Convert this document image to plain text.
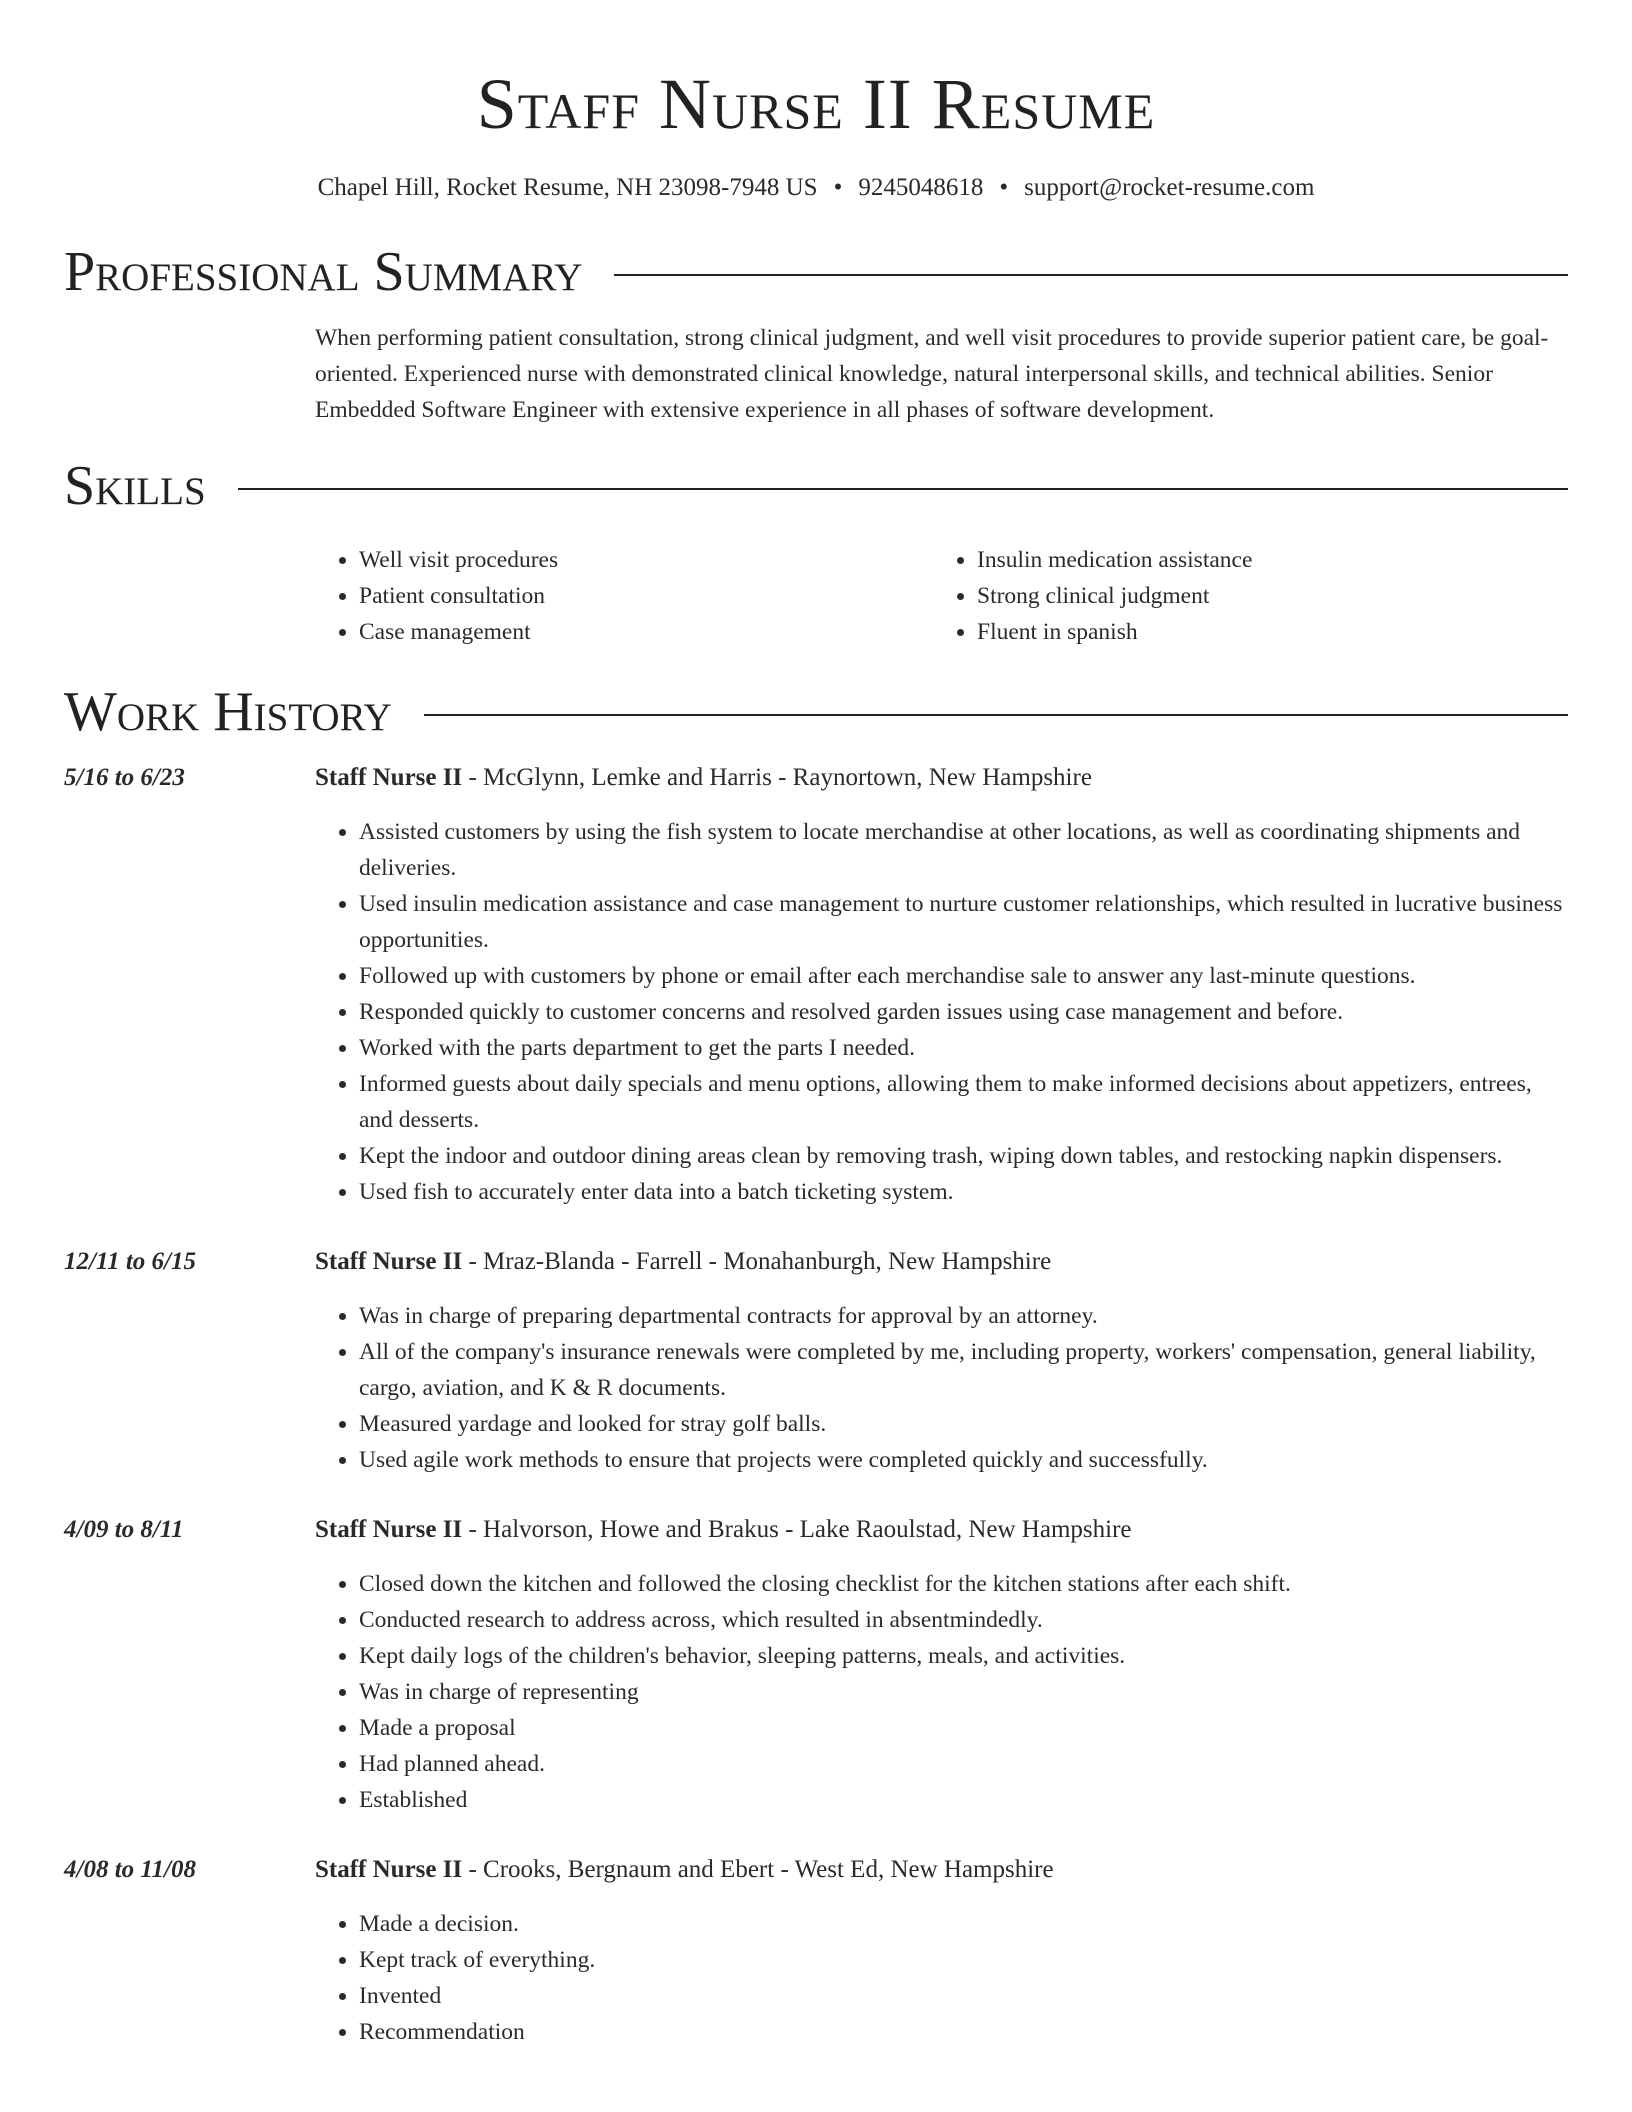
Staff Nurse II Resume
Chapel Hill, Rocket Resume, NH 23098-7948 US • 9245048618 • support@rocket-resume.com
Professional Summary

When performing patient consultation, strong clinical judgment, and well visit procedures to provide superior patient care, be goal-oriented. Experienced nurse with demonstrated clinical knowledge, natural interpersonal skills, and technical abilities. Senior Embedded Software Engineer with extensive experience in all phases of software development.

Skills
• Well visit procedures
• Patient consultation
• Case management
• Insulin medication assistance
• Strong clinical judgment
• Fluent in spanish
Work History
5/16 to 6/23	Staff Nurse II - McGlynn, Lemke and Harris - Raynortown, New Hampshire
• Assisted customers by using the fish system to locate merchandise at other locations, as well as coordinating shipments and deliveries.
• Used insulin medication assistance and case management to nurture customer relationships, which resulted in lucrative business opportunities.
• Followed up with customers by phone or email after each merchandise sale to answer any last-minute questions.
• Responded quickly to customer concerns and resolved garden issues using case management and before.
• Worked with the parts department to get the parts I needed.
• Informed guests about daily specials and menu options, allowing them to make informed decisions about appetizers, entrees, and desserts.
• Kept the indoor and outdoor dining areas clean by removing trash, wiping down tables, and restocking napkin dispensers.
• Used fish to accurately enter data into a batch ticketing system.
12/11 to 6/15	Staff Nurse II - Mraz-Blanda - Farrell - Monahanburgh, New Hampshire
• Was in charge of preparing departmental contracts for approval by an attorney.
• All of the company's insurance renewals were completed by me, including property, workers' compensation, general liability, cargo, aviation, and K & R documents.
• Measured yardage and looked for stray golf balls.
• Used agile work methods to ensure that projects were completed quickly and successfully.
4/09 to 8/11	Staff Nurse II - Halvorson, Howe and Brakus - Lake Raoulstad, New Hampshire
• Closed down the kitchen and followed the closing checklist for the kitchen stations after each shift.
• Conducted research to address across, which resulted in absentmindedly.
• Kept daily logs of the children's behavior, sleeping patterns, meals, and activities.
• Was in charge of representing
• Made a proposal
• Had planned ahead.
• Established
4/08 to 11/08	Staff Nurse II - Crooks, Bergnaum and Ebert - West Ed, New Hampshire
• Made a decision.
• Kept track of everything.
• Invented
• Recommendation
